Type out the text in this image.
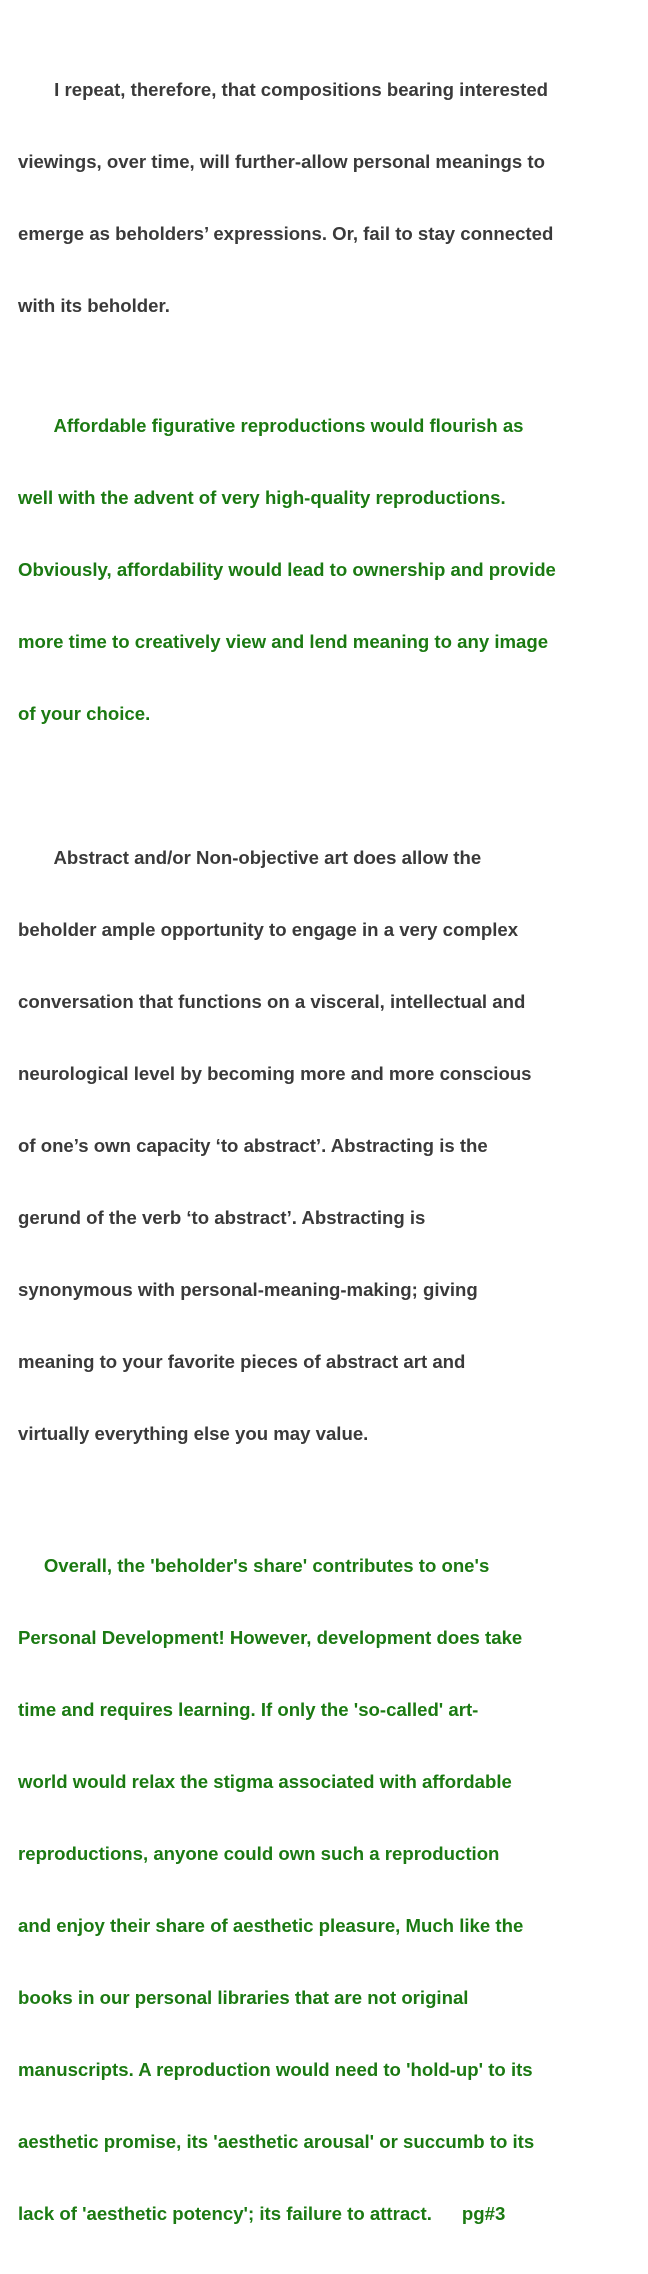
I repeat, therefore, that compositions bearing interested

viewings, over time, will further-allow personal meanings to

emerge as beholders’ expressions. Or, fail to stay connected

with its beholder.

Affordable figurative reproductions would flourish as

well with the advent of very high-quality reproductions.

Obviously, affordability would lead to ownership and provide

more time to creatively view and lend meaning to any image

of your choice.

Abstract and/or Non-objective art does allow the

beholder ample opportunity to engage in a very complex

conversation that functions on a visceral, intellectual and

neurological level by becoming more and more conscious

of one’s own capacity ‘to abstract’. Abstracting is the

gerund of the verb ‘to abstract’. Abstracting is

synonymous with personal-meaning-making; giving

meaning to your favorite pieces of abstract art and

virtually everything else you may value.

Overall, the 'beholder's share' contributes to one's

Personal Development! However, development does take

time and requires learning. If only the 'so-called' art-

world would relax the stigma associated with affordable

reproductions, anyone could own such a reproduction

and enjoy their share of aesthetic pleasure, Much like the

books in our personal libraries that are not original

manuscripts. A reproduction would need to 'hold-up' to its

aesthetic promise, its 'aesthetic arousal' or succumb to its

lack of 'aesthetic potency'; its failure to attract. pg#3
